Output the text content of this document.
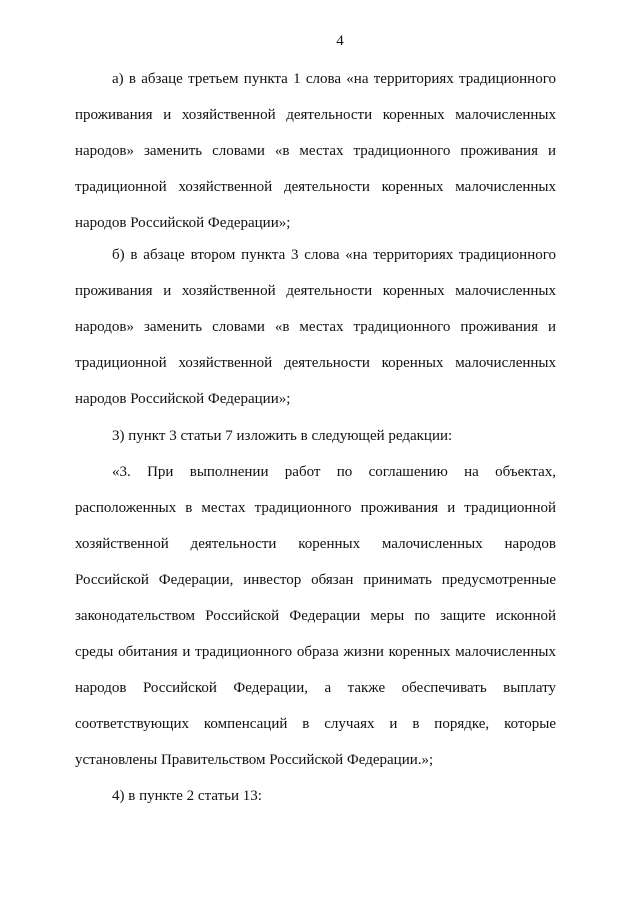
4
а) в абзаце третьем пункта 1 слова «на территориях традиционного
проживания и хозяйственной деятельности коренных малочисленных
народов» заменить словами «в местах традиционного проживания и
традиционной хозяйственной деятельности коренных малочисленных
народов Российской Федерации»;
б) в абзаце втором пункта 3 слова «на территориях традиционного
проживания и хозяйственной деятельности коренных малочисленных
народов» заменить словами «в местах традиционного проживания и
традиционной хозяйственной деятельности коренных малочисленных
народов Российской Федерации»;
3) пункт 3 статьи 7 изложить в следующей редакции:
«3. При выполнении работ по соглашению на объектах,
расположенных в местах традиционного проживания и традиционной
хозяйственной деятельности коренных малочисленных народов
Российской Федерации, инвестор обязан принимать предусмотренные
законодательством Российской Федерации меры по защите исконной
среды обитания и традиционного образа жизни коренных малочисленных
народов Российской Федерации, а также обеспечивать выплату
соответствующих компенсаций в случаях и в порядке, которые
установлены Правительством Российской Федерации.»;
4) в пункте 2 статьи 13:
